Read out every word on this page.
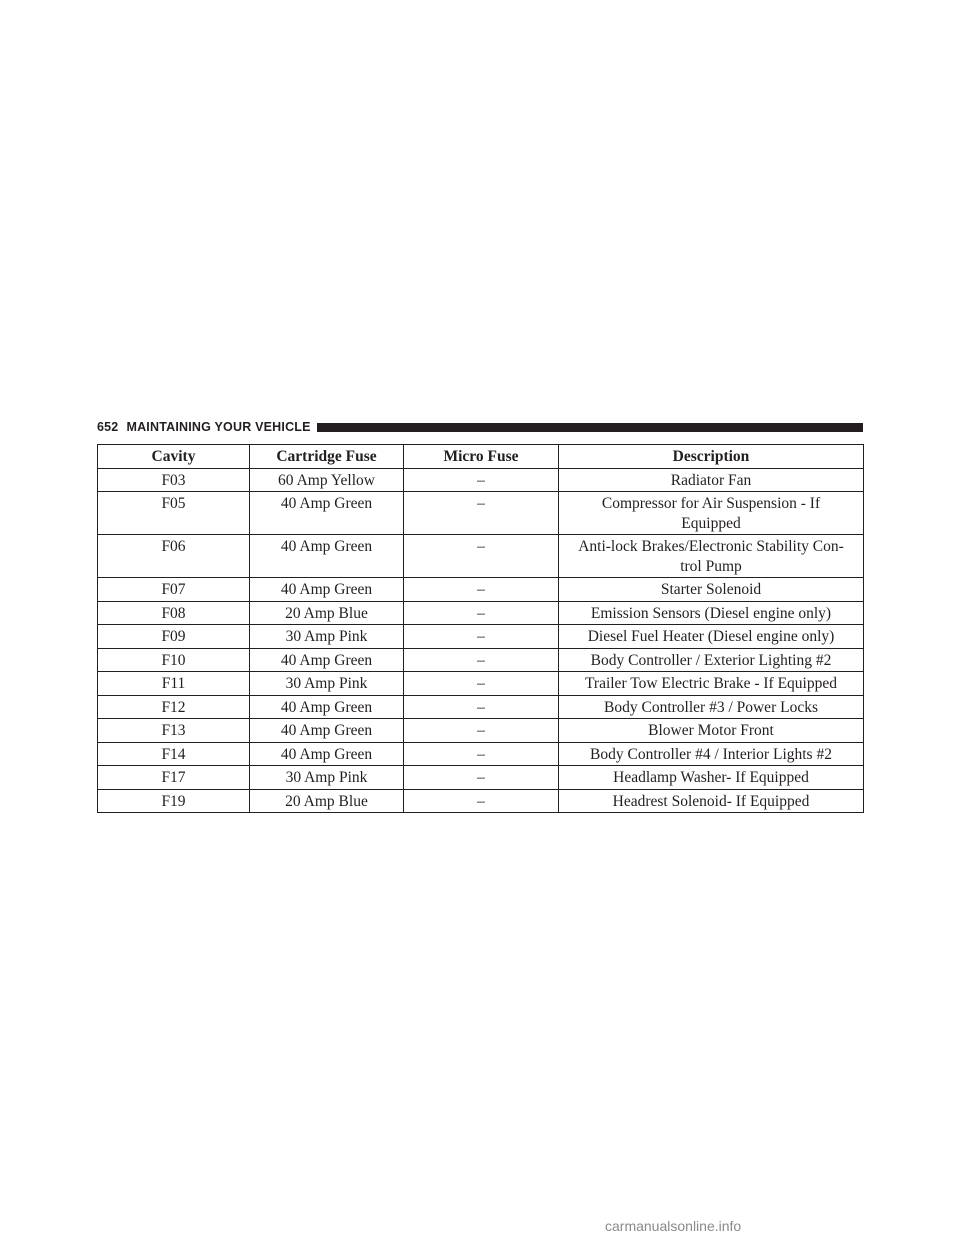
652 MAINTAINING YOUR VEHICLE
Cavity	Cartridge Fuse	Micro Fuse	Description
F03	60 Amp Yellow	–	Radiator Fan
F05	40 Amp Green	–	Compressor for Air Suspension - If
Equipped

F06	40 Amp Green	–	Anti-lock Brakes/Electronic Stability Con-
trol Pump

F07	40 Amp Green	–	Starter Solenoid
F08	20 Amp Blue	–	Emission Sensors (Diesel engine only)
F09	30 Amp Pink	–	Diesel Fuel Heater (Diesel engine only)
F10	40 Amp Green	–	Body Controller / Exterior Lighting #2
F11	30 Amp Pink	–	Trailer Tow Electric Brake - If Equipped
F12	40 Amp Green	–	Body Controller #3 / Power Locks
F13	40 Amp Green	–	Blower Motor Front
F14	40 Amp Green	–	Body Controller #4 / Interior Lights #2
F17	30 Amp Pink	–	Headlamp Washer- If Equipped
F19	20 Amp Blue	–	Headrest Solenoid- If Equipped
carmanualsonline.info
